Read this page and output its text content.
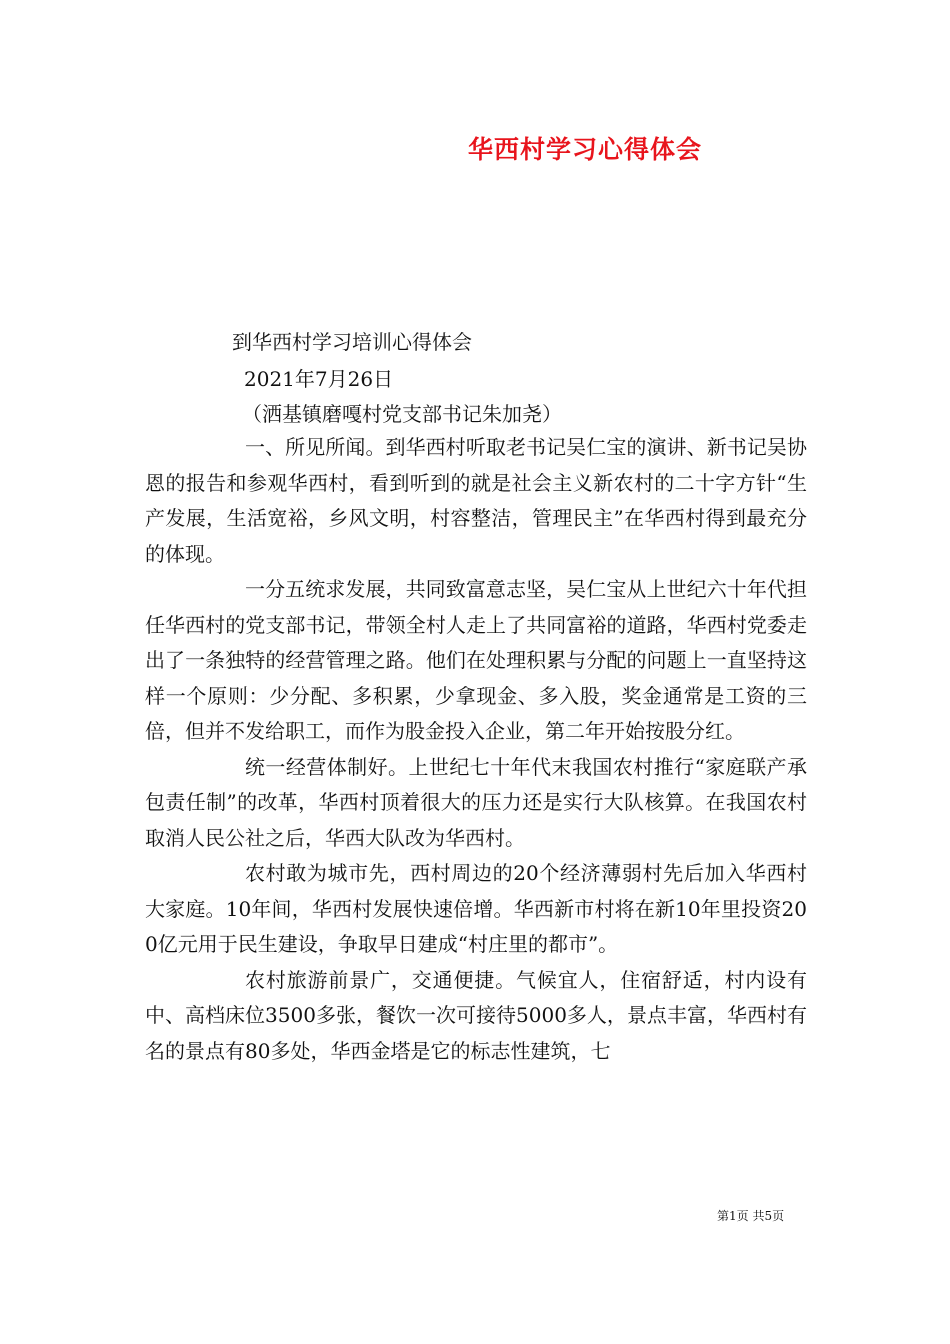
华西村学习心得体会
到华西村学习培训心得体会
2021年7月26日
（洒基镇磨嘎村党支部书记朱加尧）

一、所见所闻。到华西村听取老书记吴仁宝的演讲、新书记吴协恩的报告和参观华西村，看到听到的就是社会主义新农村的二十字方针“生产发展，生活宽裕，乡风文明，村容整洁，管理民主”在华西村得到最充分的体现。

一分五统求发展，共同致富意志坚，吴仁宝从上世纪六十年代担任华西村的党支部书记，带领全村人走上了共同富裕的道路，华西村党委走出了一条独特的经营管理之路。他们在处理积累与分配的问题上一直坚持这样一个原则：少分配、多积累，少拿现金、多入股，奖金通常是工资的三倍，但并不发给职工，而作为股金投入企业，第二年开始按股分红。

统一经营体制好。上世纪七十年代末我国农村推行“家庭联产承包责任制”的改革，华西村顶着很大的压力还是实行大队核算。在我国农村取消人民公社之后，华西大队改为华西村。

农村敢为城市先，西村周边的20个经济薄弱村先后加入华西村大家庭。10年间，华西村发展快速倍增。华西新市村将在新10年里投资200亿元用于民生建设，争取早日建成“村庄里的都市”。

农村旅游前景广，交通便捷。气候宜人，住宿舒适，村内设有中、高档床位3500多张，餐饮一次可接待5000多人，景点丰富，华西村有名的景点有80多处，华西金塔是它的标志性建筑，七

第1页 共5页
